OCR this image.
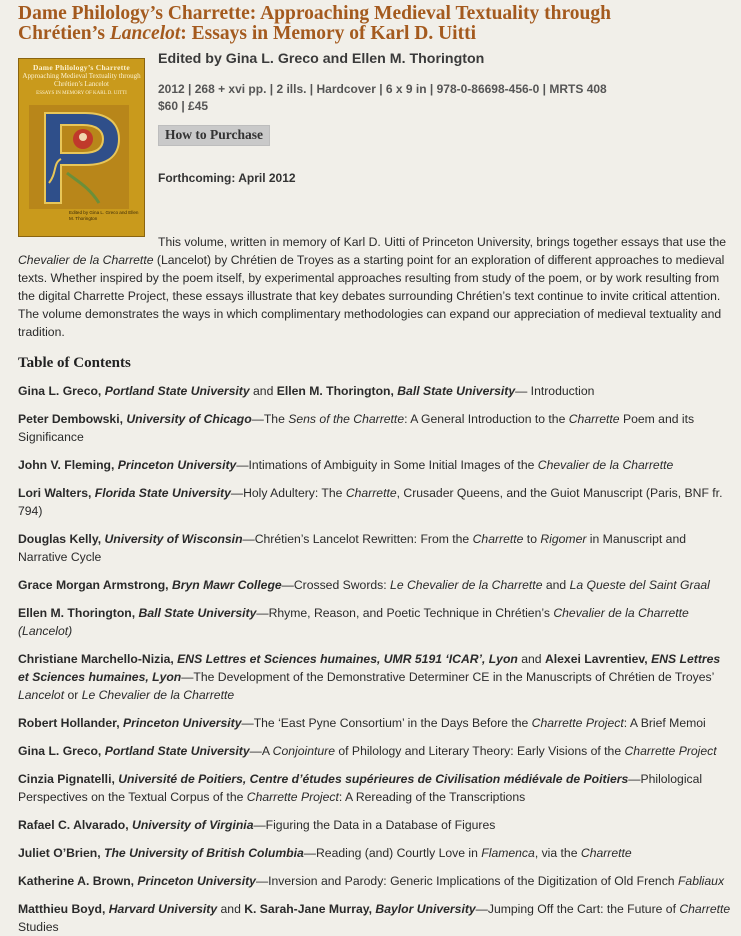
Dame Philology’s Charrette: Approaching Medieval Textuality through
Chrétien’s Lancelot: Essays in Memory of Karl D. Uitti
Dame Philology’s Charrette
Approaching Medieval Textuality through Chrétien’s Lancelot
ESSAYS IN MEMORY OF KARL D. UITTI
Edited by Gina L. Greco and Ellen M. Thorington
Edited by Gina L. Greco and Ellen M. Thorington
2012 | 268 + xvi pp. | 2 ills. | Hardcover | 6 x 9 in | 978-0-86698-456-0 | MRTS 408
$60 | £45
How to Purchase
Forthcoming: April 2012

This volume, written in memory of Karl D. Uitti of Princeton University, brings together essays that use the Chevalier de la Charrette (Lancelot) by Chrétien de Troyes as a starting point for an exploration of different approaches to medieval texts. Whether inspired by the poem itself, by experimental approaches resulting from study of the poem, or by work resulting from the digital Charrette Project, these essays illustrate that key debates surrounding Chrétien’s text continue to invite critical attention. The volume demonstrates the ways in which complimentary methodologies can expand our appreciation of medieval textuality and tradition.

Table of Contents
Gina L. Greco, Portland State University and Ellen M. Thorington, Ball State University— Introduction
Peter Dembowski, University of Chicago—The Sens of the Charrette: A General Introduction to the Charrette Poem and its Significance
John V. Fleming, Princeton University—Intimations of Ambiguity in Some Initial Images of the Chevalier de la Charrette
Lori Walters, Florida State University—Holy Adultery: The Charrette, Crusader Queens, and the Guiot Manuscript (Paris, BNF fr. 794)
Douglas Kelly, University of Wisconsin—Chrétien’s Lancelot Rewritten: From the Charrette to Rigomer in Manuscript and Narrative Cycle
Grace Morgan Armstrong, Bryn Mawr College—Crossed Swords: Le Chevalier de la Charrette and La Queste del Saint Graal
Ellen M. Thorington, Ball State University—Rhyme, Reason, and Poetic Technique in Chrétien’s Chevalier de la Charrette (Lancelot)
Christiane Marchello-Nizia, ENS Lettres et Sciences humaines, UMR 5191 ‘ICAR’, Lyon and Alexei Lavrentiev, ENS Lettres et Sciences humaines, Lyon—The Development of the Demonstrative Determiner CE in the Manuscripts of Chrétien de Troyes’ Lancelot or Le Chevalier de la Charrette
Robert Hollander, Princeton University—The ‘East Pyne Consortium’ in the Days Before the Charrette Project: A Brief Memoi
Gina L. Greco, Portland State University—A Conjointure of Philology and Literary Theory: Early Visions of the Charrette Project
Cinzia Pignatelli, Université de Poitiers, Centre d’études supérieures de Civilisation médiévale de Poitiers—Philological Perspectives on the Textual Corpus of the Charrette Project: A Rereading of the Transcriptions
Rafael C. Alvarado, University of Virginia—Figuring the Data in a Database of Figures
Juliet O’Brien, The University of British Columbia—Reading (and) Courtly Love in Flamenca, via the Charrette
Katherine A. Brown, Princeton University—Inversion and Parody: Generic Implications of the Digitization of Old French Fabliaux
Matthieu Boyd, Harvard University and K. Sarah-Jane Murray, Baylor University—Jumping Off the Cart: the Future of Charrette Studies
